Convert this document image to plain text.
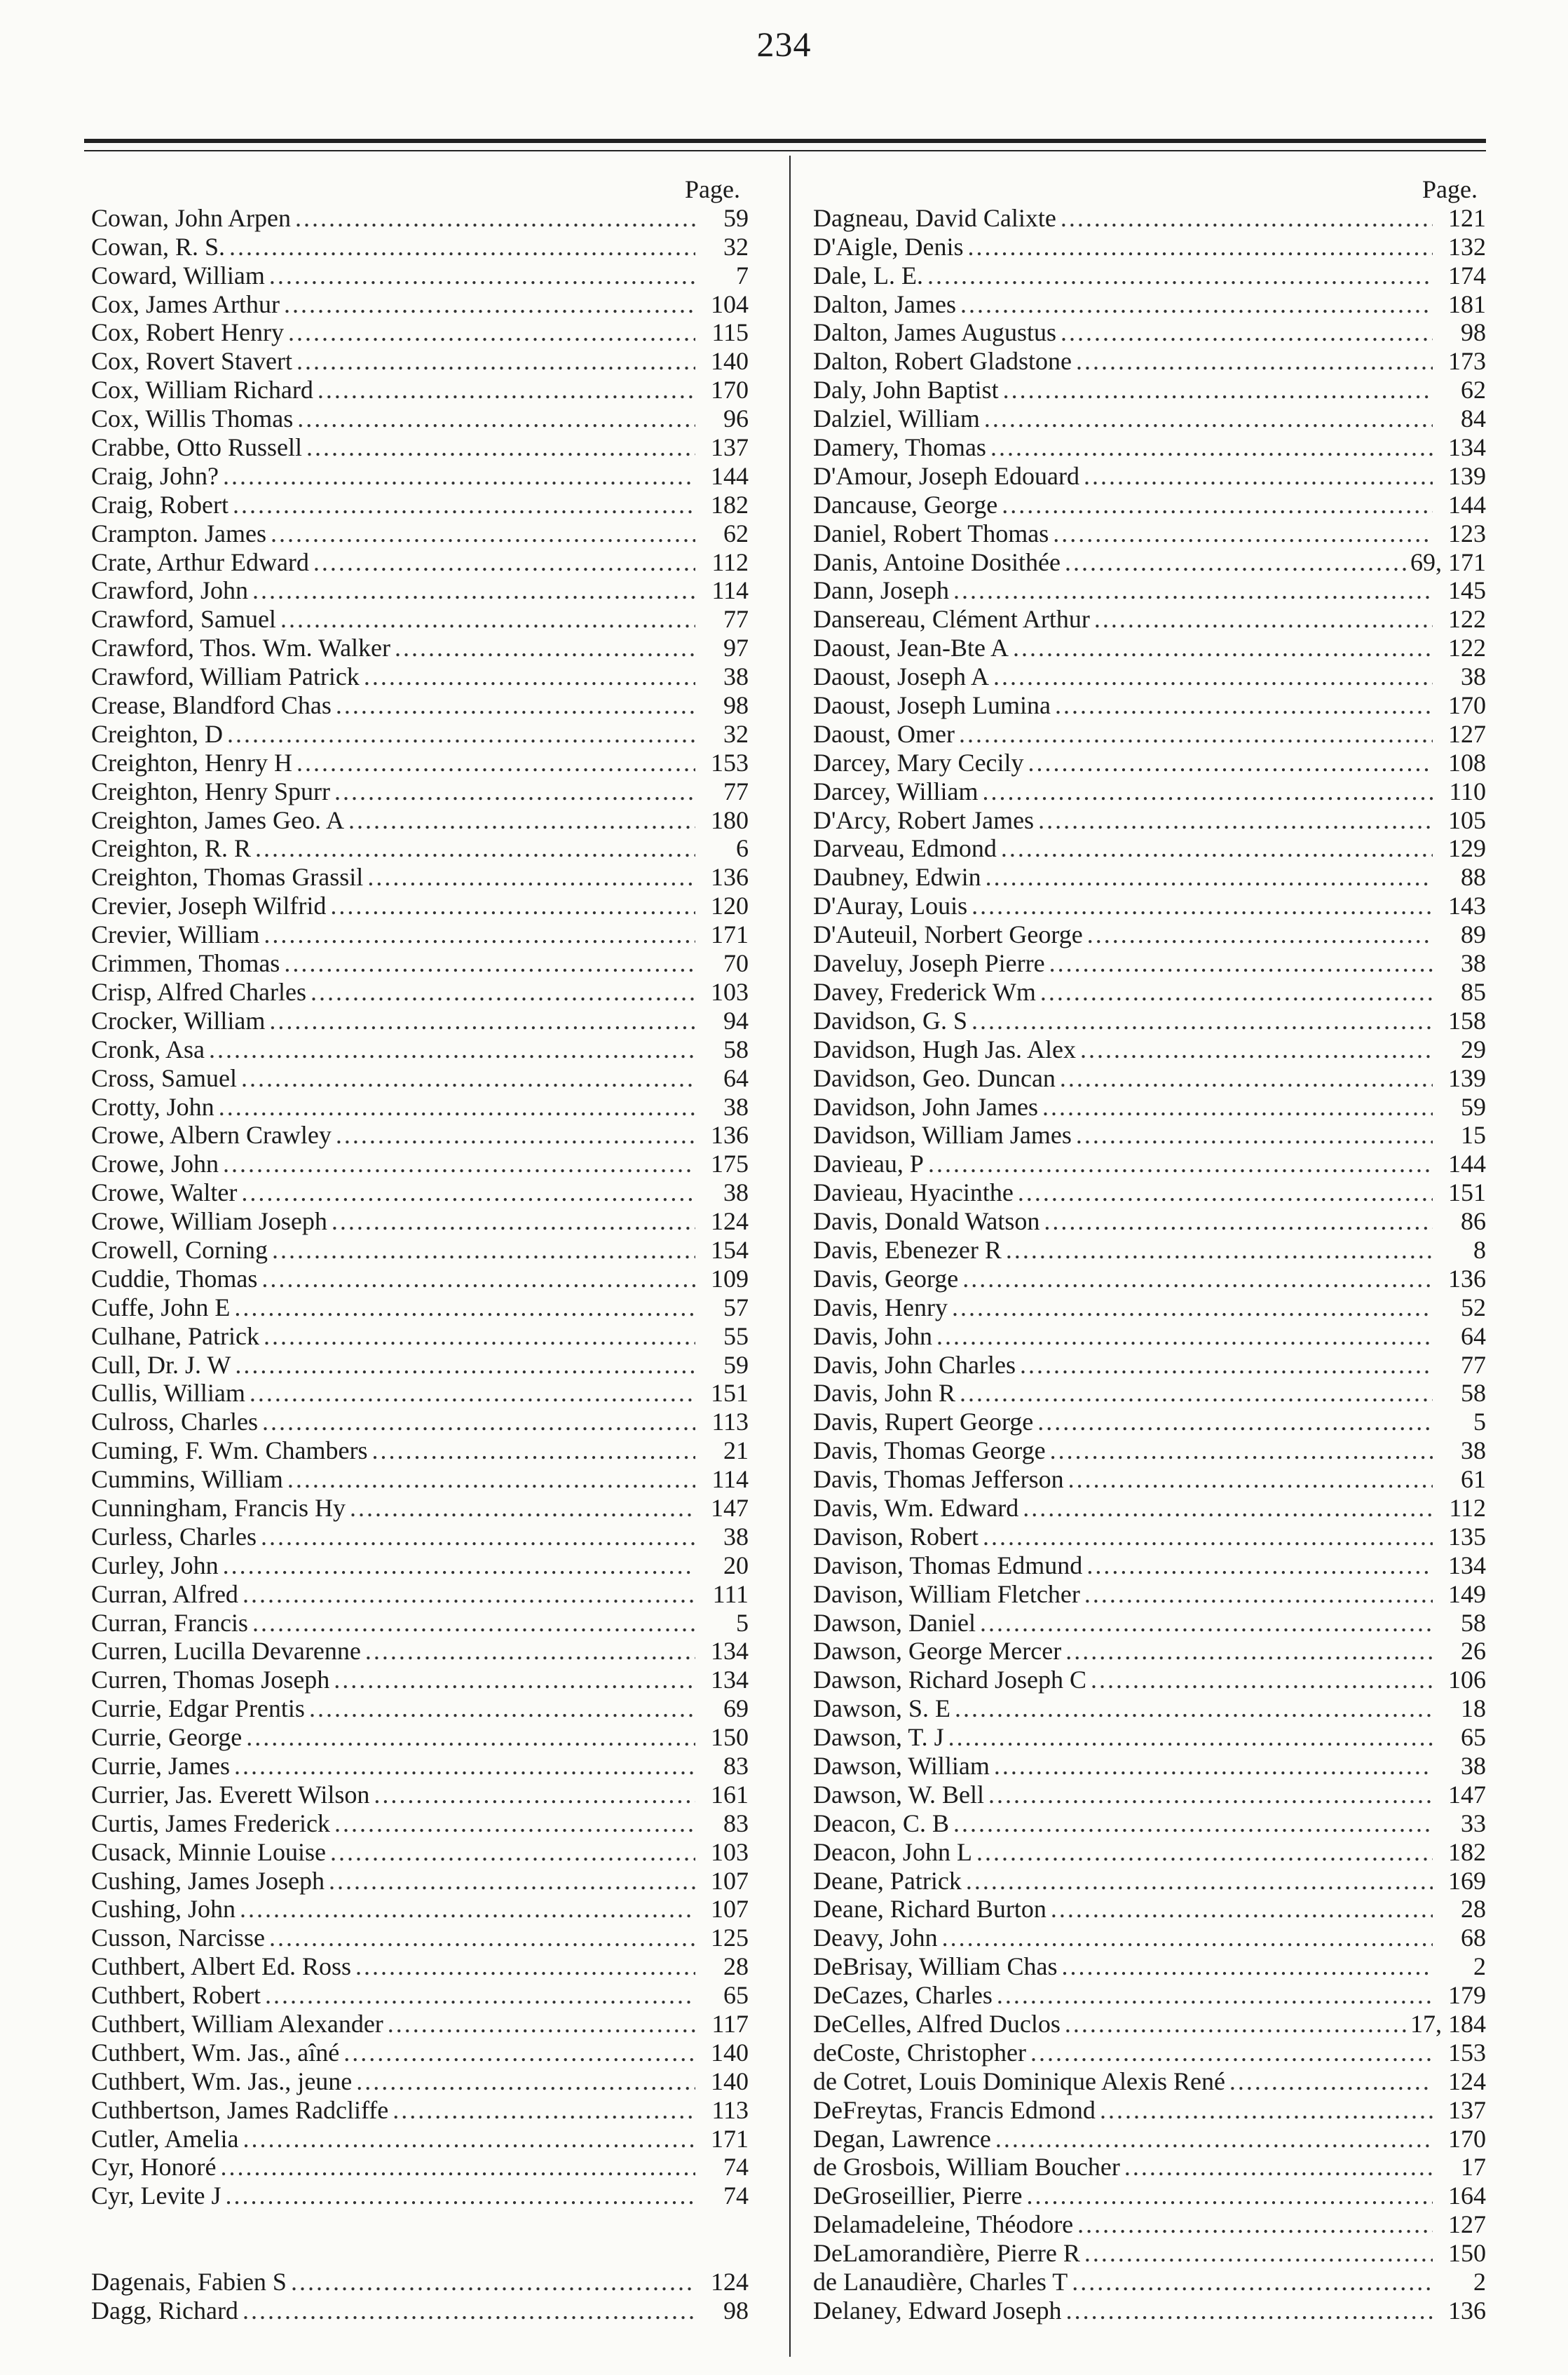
234
Page.
Cowan, John Arpen .....	59
Cowan, R. S. .....	32
Coward, William .....	7
Cox, James Arthur .....	104
Cox, Robert Henry .....	115
Cox, Rovert Stavert .....	140
Cox, William Richard .....	170
Cox, Willis Thomas .....	96
Crabbe, Otto Russell .....	137
Craig, John? .....	144
Craig, Robert .....	182
Crampton. James .....	62
Crate, Arthur Edward .....	112
Crawford, John .....	114
Crawford, Samuel .....	77
Crawford, Thos. Wm. Walker .....	97
Crawford, William Patrick .....	38
Crease, Blandford Chas .....	98
Creighton, D .....	32
Creighton, Henry H .....	153
Creighton, Henry Spurr .....	77
Creighton, James Geo. A .....	180
Creighton, R. R .....	6
Creighton, Thomas Grassil .....	136
Crevier, Joseph Wilfrid .....	120
Crevier, William .....	171
Crimmen, Thomas .....	70
Crisp, Alfred Charles .....	103
Crocker, William .....	94
Cronk, Asa .....	58
Cross, Samuel .....	64
Crotty, John .....	38
Crowe, Albern Crawley .....	136
Crowe, John .....	175
Crowe, Walter .....	38
Crowe, William Joseph .....	124
Crowell, Corning .....	154
Cuddie, Thomas .....	109
Cuffe, John E .....	57
Culhane, Patrick .....	55
Cull, Dr. J. W .....	59
Cullis, William .....	151
Culross, Charles .....	113
Cuming, F. Wm. Chambers .....	21
Cummins, William .....	114
Cunningham, Francis Hy .....	147
Curless, Charles .....	38
Curley, John .....	20
Curran, Alfred .....	111
Curran, Francis .....	5
Curren, Lucilla Devarenne .....	134
Curren, Thomas Joseph .....	134
Currie, Edgar Prentis .....	69
Currie, George .....	150
Currie, James .....	83
Currier, Jas. Everett Wilson .....	161
Curtis, James Frederick .....	83
Cusack, Minnie Louise .....	103
Cushing, James Joseph .....	107
Cushing, John .....	107
Cusson, Narcisse .....	125
Cuthbert, Albert Ed. Ross .....	28
Cuthbert, Robert .....	65
Cuthbert, William Alexander .....	117
Cuthbert, Wm. Jas., aîné .....	140
Cuthbert, Wm. Jas., jeune .....	140
Cuthbertson, James Radcliffe .....	113
Cutler, Amelia .....	171
Cyr, Honoré .....	74
Cyr, Levite J .....	74
Dagenais, Fabien S .....	124
Dagg, Richard .....	98
Page.
Dagneau, David Calixte .....	121
D'Aigle, Denis .....	132
Dale, L. E. .....	174
Dalton, James .....	181
Dalton, James Augustus .....	98
Dalton, Robert Gladstone .....	173
Daly, John Baptist .....	62
Dalziel, William .....	84
Damery, Thomas .....	134
D'Amour, Joseph Edouard .....	139
Dancause, George .....	144
Daniel, Robert Thomas .....	123
Danis, Antoine Dosithée .....	69, 171
Dann, Joseph .....	145
Dansereau, Clément Arthur .....	122
Daoust, Jean-Bte A .....	122
Daoust, Joseph A .....	38
Daoust, Joseph Lumina .....	170
Daoust, Omer .....	127
Darcey, Mary Cecily .....	108
Darcey, William .....	110
D'Arcy, Robert James .....	105
Darveau, Edmond .....	129
Daubney, Edwin .....	88
D'Auray, Louis .....	143
D'Auteuil, Norbert George .....	89
Daveluy, Joseph Pierre .....	38
Davey, Frederick Wm .....	85
Davidson, G. S .....	158
Davidson, Hugh Jas. Alex .....	29
Davidson, Geo. Duncan .....	139
Davidson, John James .....	59
Davidson, William James .....	15
Davieau, P .....	144
Davieau, Hyacinthe .....	151
Davis, Donald Watson .....	86
Davis, Ebenezer R .....	8
Davis, George .....	136
Davis, Henry .....	52
Davis, John .....	64
Davis, John Charles .....	77
Davis, John R .....	58
Davis, Rupert George .....	5
Davis, Thomas George .....	38
Davis, Thomas Jefferson .....	61
Davis, Wm. Edward .....	112
Davison, Robert .....	135
Davison, Thomas Edmund .....	134
Davison, William Fletcher .....	149
Dawson, Daniel .....	58
Dawson, George Mercer .....	26
Dawson, Richard Joseph C .....	106
Dawson, S. E .....	18
Dawson, T. J .....	65
Dawson, William .....	38
Dawson, W. Bell .....	147
Deacon, C. B .....	33
Deacon, John L .....	182
Deane, Patrick .....	169
Deane, Richard Burton .....	28
Deavy, John .....	68
DeBrisay, William Chas .....	2
DeCazes, Charles .....	179
DeCelles, Alfred Duclos .....	17, 184
deCoste, Christopher .....	153
de Cotret, Louis Dominique Alexis René .....	124
DeFreytas, Francis Edmond .....	137
Degan, Lawrence .....	170
de Grosbois, William Boucher .....	17
DeGroseillier, Pierre .....	164
Delamadeleine, Théodore .....	127
DeLamorandière, Pierre R .....	150
de Lanaudière, Charles T .....	2
Delaney, Edward Joseph .....	136
